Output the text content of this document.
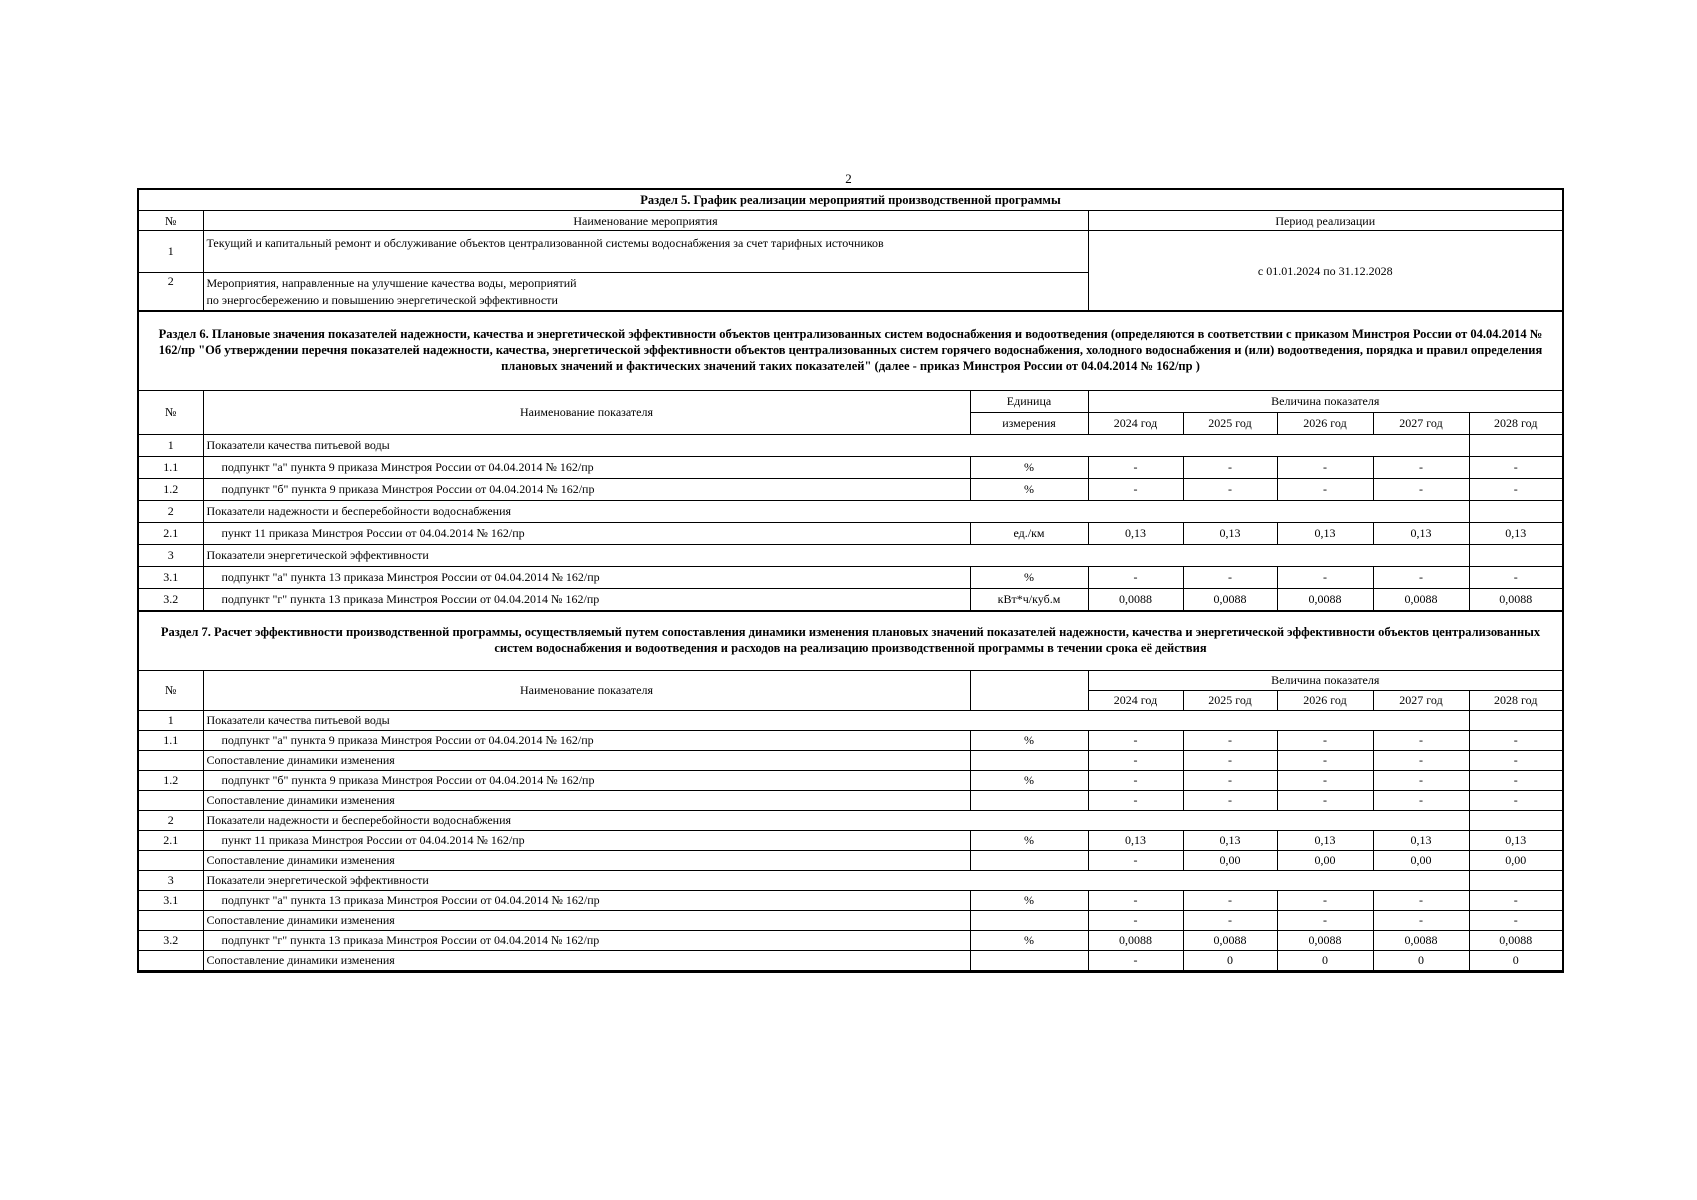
2
Раздел 5. График реализации мероприятий производственной программы
№	Наименование мероприятия	Период реализации
1	Текущий и капитальный ремонт и обслуживание объектов централизованной системы водоснабжения за счет тарифных источников	с 01.01.2024 по 31.12.2028
2	Мероприятия, направленные на улучшение качества воды, мероприятий
по энергосбережению и повышению энергетической эффективности	
Раздел 6. Плановые значения показателей надежности, качества и энергетической эффективности объектов централизованных систем водоснабжения и водоотведения (определяются в соответствии с приказом Минстроя России от 04.04.2014 № 162/пр "Об утверждении перечня показателей надежности, качества, энергетической эффективности объектов централизованных систем горячего водоснабжения, холодного водоснабжения и (или) водоотведения, порядка и правил определения плановых значений и фактических значений таких показателей" (далее - приказ Минстроя России от 04.04.2014 № 162/пр )
№	Наименование показателя	Единица	Величина показателя				
		измерения	2024 год	2025 год	2026 год	2027 год	2028 год
1	Показатели качества питьевой воды						
1.1	подпункт "а" пункта 9 приказа Минстроя России от 04.04.2014 № 162/пр	%	-	-	-	-	-
1.2	подпункт "б" пункта 9 приказа Минстроя России от 04.04.2014 № 162/пр	%	-	-	-	-	-
2	Показатели надежности и бесперебойности водоснабжения						
2.1	пункт 11 приказа Минстроя России от 04.04.2014 № 162/пр	ед./км	0,13	0,13	0,13	0,13	0,13
3	Показатели энергетической эффективности						
3.1	подпункт "а" пункта 13 приказа Минстроя России от 04.04.2014 № 162/пр	%	-	-	-	-	-
3.2	подпункт "г" пункта 13 приказа Минстроя России от 04.04.2014 № 162/пр	кВт*ч/куб.м	0,0088	0,0088	0,0088	0,0088	0,0088
Раздел 7. Расчет эффективности производственной программы, осуществляемый путем сопоставления динамики изменения плановых значений показателей надежности, качества и энергетической эффективности объектов централизованных систем водоснабжения и водоотведения и расходов на реализацию производственной программы в течении срока её действия
№	Наименование показателя		Величина показателя				
			2024 год	2025 год	2026 год	2027 год	2028 год
1	Показатели качества питьевой воды						
1.1	подпункт "а" пункта 9 приказа Минстроя России от 04.04.2014 № 162/пр	%	-	-	-	-	-
	Сопоставление динамики изменения		-	-	-	-	-
1.2	подпункт "б" пункта 9 приказа Минстроя России от 04.04.2014 № 162/пр	%	-	-	-	-	-
	Сопоставление динамики изменения		-	-	-	-	-
2	Показатели надежности и бесперебойности водоснабжения						
2.1	пункт 11 приказа Минстроя России от 04.04.2014 № 162/пр	%	0,13	0,13	0,13	0,13	0,13
	Сопоставление динамики изменения		-	0,00	0,00	0,00	0,00
3	Показатели энергетической эффективности						
3.1	подпункт "а" пункта 13 приказа Минстроя России от 04.04.2014 № 162/пр	%	-	-	-	-	-
	Сопоставление динамики изменения		-	-	-	-	-
3.2	подпункт "г" пункта 13 приказа Минстроя России от 04.04.2014 № 162/пр	%	0,0088	0,0088	0,0088	0,0088	0,0088
	Сопоставление динамики изменения		-	0	0	0	0
